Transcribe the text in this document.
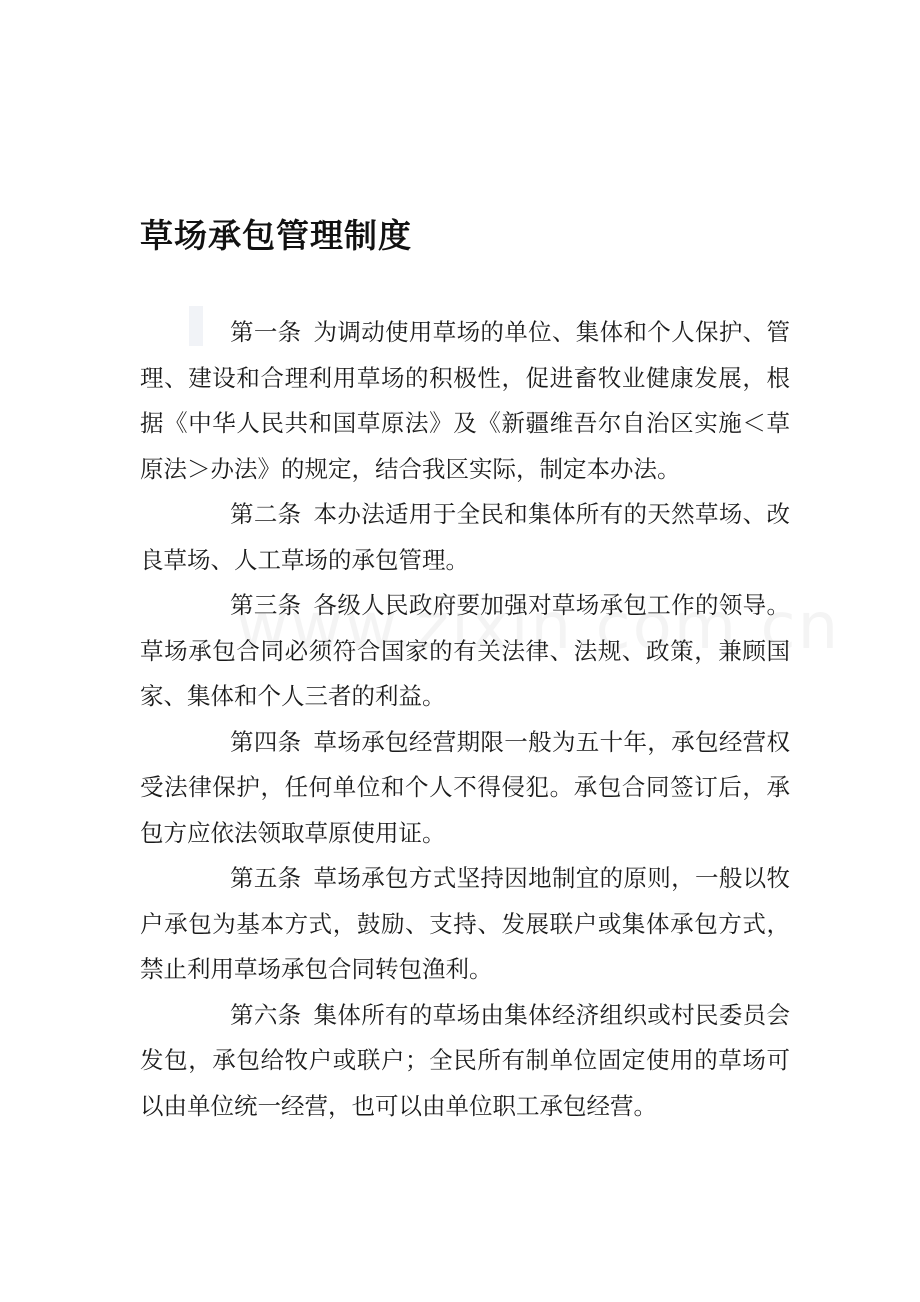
草场承包管理制度

第一条 为调动使用草场的单位、集体和个人保护、管理、建设和合理利用草场的积极性，促进畜牧业健康发展，根据《中华人民共和国草原法》及《新疆维吾尔自治区实施＜草原法＞办法》的规定，结合我区实际，制定本办法。

第二条 本办法适用于全民和集体所有的天然草场、改良草场、人工草场的承包管理。

第三条 各级人民政府要加强对草场承包工作的领导。草场承包合同必须符合国家的有关法律、法规、政策，兼顾国家、集体和个人三者的利益。

第四条 草场承包经营期限一般为五十年，承包经营权受法律保护，任何单位和个人不得侵犯。承包合同签订后，承包方应依法领取草原使用证。

第五条 草场承包方式坚持因地制宜的原则，一般以牧户承包为基本方式，鼓励、支持、发展联户或集体承包方式，禁止利用草场承包合同转包渔利。

第六条 集体所有的草场由集体经济组织或村民委员会发包，承包给牧户或联户；全民所有制单位固定使用的草场可以由单位统一经营，也可以由单位职工承包经营。
